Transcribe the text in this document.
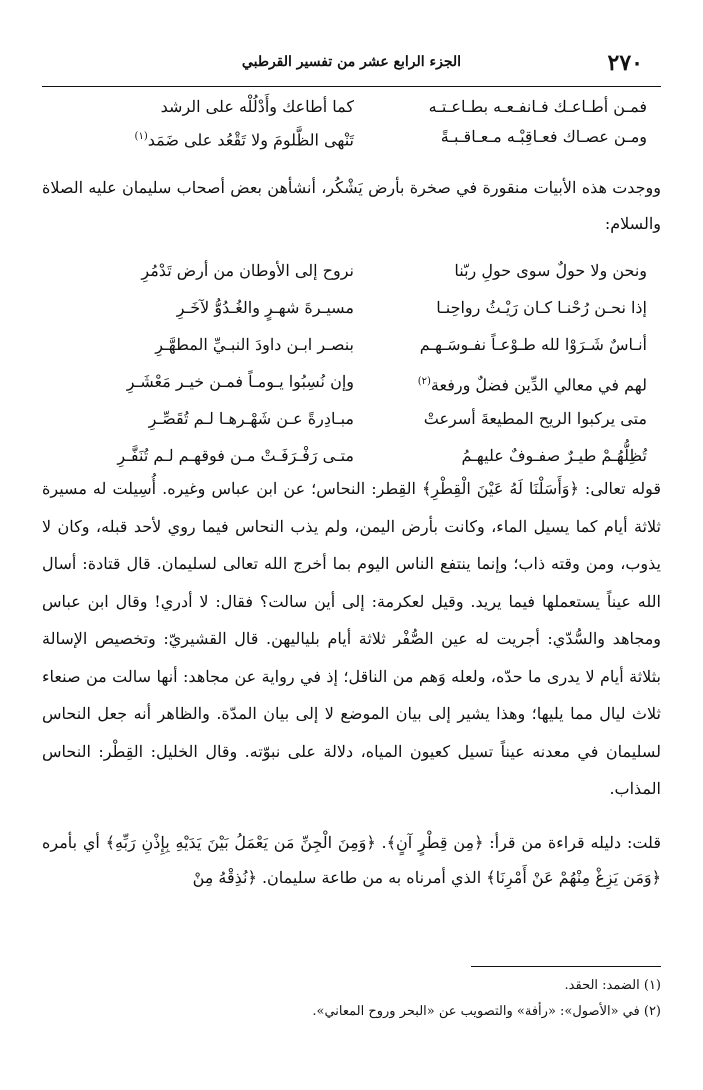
٢٧٠
الجزء الرابع عشر من تفسير القرطبي
فمـن أطـاعـك فـانفـعـه بطـاعـتـه
كما أطاعك وأَدْلُلْه على الرشد
ومـن عصـاك فعـاقِبْـه مـعـاقـبـةً
تَنْهى الظَّلومَ ولا تَقْعُد على ضَمَد$^{(١)}$
ووجدت هذه الأبيات منقورة في صخرة بأرض يَشْكُر، أنشأهن بعض أصحاب سليمان عليه الصلاة والسلام:
ونحن ولا حولٌ سوى حولِ ربّنا
نروح إلى الأوطان من أرض تَدْمُرِ
إذا نحـن رُحْنـا كـان رَيْـثُ رواحِنـا
مسيـرةَ شهـرٍ والغُـدُوُّ لآخَـرِ
أنـاسٌ شَـرَوْا لله طـوْعـاً نفـوسَـهـم
بنصـر ابـن داودَ النبـيِّ المطهَّـرِ
لهم في معالي الدِّين فضلٌ ورفعة$^{(٢)}$
وإن نُسِبُوا يـومـاً فمـن خيـر مَعْشَـرِ
متى يركبوا الريح المطيعةَ أسرعتْ
مبـادِرةً عـن شَهْـرهـا لـم تُقَصِّـرِ
تُظِلُّهُـمْ طيـرٌ صفـوفٌ عليهـمُ
متـى رَفْـرَفَـتْ مـن فوقهـم لـم تُنَفَّـرِ
قوله تعالى: ﴿وَأَسَلْنَا لَهُ عَيْنَ الْقِطْرِ﴾ القِطر: النحاس؛ عن ابن عباس وغيره. أُسِيلت له مسيرة ثلاثة أيام كما يسيل الماء، وكانت بأرض اليمن، ولم يذب النحاس فيما روي لأحد قبله، وكان لا يذوب، ومن وقته ذاب؛ وإنما ينتفع الناس اليوم بما أخرج الله تعالى لسليمان. قال قتادة: أسال الله عيناً يستعملها فيما يريد. وقيل لعكرمة: إلى أين سالت؟ فقال: لا أدري! وقال ابن عباس ومجاهد والسُّدّي: أجريت له عين الصُّفْر ثلاثة أيام بلياليهن. قال القشيريّ: وتخصيص الإسالة بثلاثة أيام لا يدرى ما حدّه، ولعله وَهم من الناقل؛ إذ في رواية عن مجاهد: أنها سالت من صنعاء ثلاث ليال مما يليها؛ وهذا يشير إلى بيان الموضع لا إلى بيان المدّة. والظاهر أنه جعل النحاس لسليمان في معدنه عيناً تسيل كعيون المياه، دلالة على نبوّته. وقال الخليل: القِطْر: النحاس المذاب.
قلت: دليله قراءة من قرأ: ﴿مِن قِطْرٍ آنٍ﴾. ﴿وَمِنَ الْجِنِّ مَن يَعْمَلُ بَيْنَ يَدَيْهِ بِإِذْنِ رَبِّهِ﴾ أي بأمره ﴿وَمَن يَزِغْ مِنْهُمْ عَنْ أَمْرِنَا﴾ الذي أمرناه به من طاعة سليمان. ﴿نُذِقْهُ مِنْ
(١) الضمد: الحقد.
(٢) في «الأصول»: «رأفة» والتصويب عن «البحر وروح المعاني».
